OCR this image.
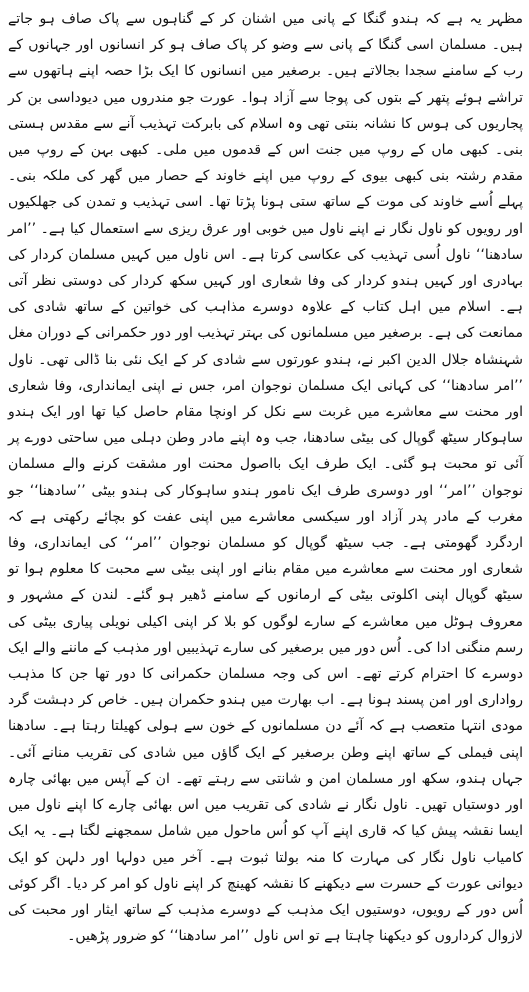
مظہر یہ ہے کہ ہندو گنگا کے پانی میں اشنان کر کے گناہوں سے پاک صاف ہو جاتے ہیں۔ مسلمان اسی گنگا کے پانی سے وضو کر پاک صاف ہو کر انسانوں اور جہانوں کے رب کے سامنے سجدا بجالاتے ہیں۔ برصغیر میں انسانوں کا ایک بڑا حصہ اپنے ہاتھوں سے تراشے ہوئے پتھر کے بتوں کی پوجا سے آزاد ہوا۔ عورت جو مندروں میں دیوداسی بن کر پجاریوں کی ہوس کا نشانہ بنتی تھی وہ اسلام کی بابرکت تہذیب آنے سے مقدس ہستی بنی۔ کبھی ماں کے روپ میں جنت اس کے قدموں میں ملی۔ کبھی بہن کے روپ میں مقدم رشتہ بنی کبھی بیوی کے روپ میں اپنے خاوند کے حصار میں گھر کی ملکہ بنی۔ پہلے اُسے خاوند کی موت کے ساتھ ستی ہونا پڑتا تھا۔ اسی تہذیب و تمدن کی جھلکیوں اور رویوں کو ناول نگار نے اپنے ناول میں خوبی اور عرق ریزی سے استعمال کیا ہے۔ ’’امر سادھنا‘‘ ناول اُسی تہذیب کی عکاسی کرتا ہے۔ اس ناول میں کہیں مسلمان کردار کی بہادری اور کہیں ہندو کردار کی وفا شعاری اور کہیں سکھ کردار کی دوستی نظر آتی ہے۔ اسلام میں اہل کتاب کے علاوہ دوسرے مذاہب کی خواتین کے ساتھ شادی کی ممانعت کی ہے۔ برصغیر میں مسلمانوں کی بہتر تہذیب اور دور حکمرانی کے دوران مغل شہنشاہ جلال الدین اکبر نے، ہندو عورتوں سے شادی کر کے ایک نئی بنا ڈالی تھی۔ ناول ’’امر سادھنا‘‘ کی کہانی ایک مسلمان نوجوان امر، جس نے اپنی ایمانداری، وفا شعاری اور محنت سے معاشرے میں غربت سے نکل کر اونچا مقام حاصل کیا تھا اور ایک ہندو ساہوکار سیٹھ گوپال کی بیٹی سادھنا، جب وہ اپنے مادر وطن دہلی میں ساحتی دورے پر آئی تو محبت ہو گئی۔ ایک طرف ایک بااصول محنت اور مشقت کرنے والے مسلمان نوجوان ’’امر‘‘ اور دوسری طرف ایک نامور ہندو ساہوکار کی ہندو بیٹی ’’سادھنا‘‘ جو مغرب کے مادر پدر آزاد اور سیکسی معاشرے میں اپنی عفت کو بچائے رکھتی ہے کہ اردگرد گھومتی ہے۔ جب سیٹھ گوپال کو مسلمان نوجوان ’’امر‘‘ کی ایمانداری، وفا شعاری اور محنت سے معاشرے میں مقام بنانے اور اپنی بیٹی سے محبت کا معلوم ہوا تو سیٹھ گوپال اپنی اکلوتی بیٹی کے ارمانوں کے سامنے ڈھیر ہو گئے۔ لندن کے مشہور و معروف ہوٹل میں معاشرے کے سارے لوگوں کو بلا کر اپنی اکیلی نویلی پیاری بیٹی کی رسم منگنی ادا کی۔ اُس دور میں برصغیر کی سارے تہذیبیں اور مذہب کے ماننے والے ایک دوسرے کا احترام کرتے تھے۔ اس کی وجہ مسلمان حکمرانی کا دور تھا جن کا مذہب رواداری اور امن پسند ہونا ہے۔ اب بھارت میں ہندو حکمران ہیں۔ خاص کر دہشت گرد مودی انتہا متعصب ہے کہ آئے دن مسلمانوں کے خون سے ہولی کھیلتا رہتا ہے۔ سادھنا اپنی فیملی کے ساتھ اپنے وطن برصغیر کے ایک گاؤں میں شادی کی تقریب منانے آئی۔ جہاں ہندو، سکھ اور مسلمان امن و شانتی سے رہتے تھے۔ ان کے آپس میں بھائی چارہ اور دوستیاں تھیں۔ ناول نگار نے شادی کی تقریب میں اس بھائی چارے کا اپنے ناول میں ایسا نقشہ پیش کیا کہ قاری اپنے آپ کو اُس ماحول میں شامل سمجھنے لگتا ہے۔ یہ ایک کامیاب ناول نگار کی مہارت کا منہ بولتا ثبوت ہے۔ آخر میں دولہا اور دلہن کو ایک دیوانی عورت کے حسرت سے دیکھنے کا نقشہ کھینچ کر اپنے ناول کو امر کر دیا۔ اگر کوئی اُس دور کے رویوں، دوستیوں ایک مذہب کے دوسرے مذہب کے ساتھ ایثار اور محبت کی لازوال کرداروں کو دیکھنا چاہتا ہے تو اس ناول ’’امر سادھنا‘‘ کو ضرور پڑھیں۔
